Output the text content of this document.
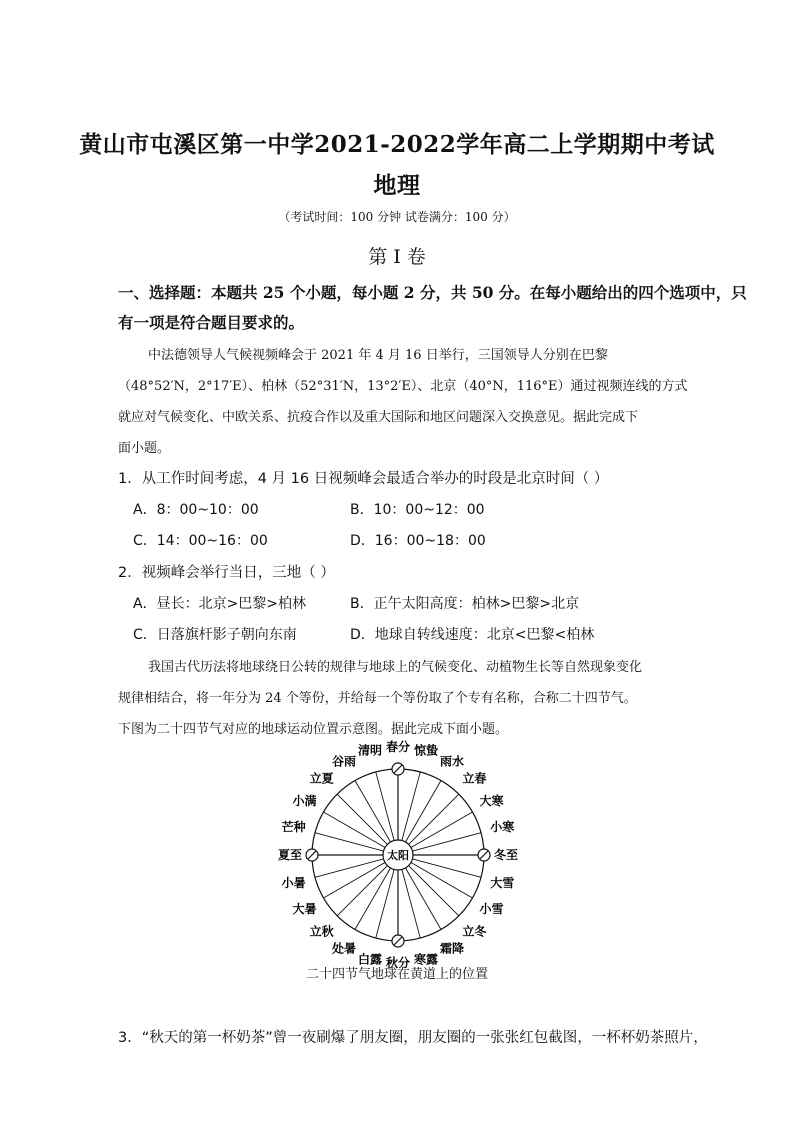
黄山市屯溪区第一中学2021-2022学年高二上学期期中考试
地理
（考试时间：100 分钟 试卷满分：100 分）
第 I 卷
一、选择题：本题共 25 个小题，每小题 2 分，共 50 分。在每小题给出的四个选项中，只
有一项是符合题目要求的。
中法德领导人气候视频峰会于 2021 年 4 月 16 日举行，三国领导人分别在巴黎
（48°52′N，2°17′E）、柏林（52°31′N，13°2′E）、北京（40°N，116°E）通过视频连线的方式
就应对气候变化、中欧关系、抗疫合作以及重大国际和地区问题深入交换意见。据此完成下
面小题。
1．从工作时间考虑，4 月 16 日视频峰会最适合举办的时段是北京时间（ ）
A．8：00~10：00	B．10：00~12：00
C．14：00~16：00	D．16：00~18：00
2．视频峰会举行当日，三地（ ）
A．昼长：北京>巴黎>柏林	B．正午太阳高度：柏林>巴黎>北京
C．日落旗杆影子朝向东南	D．地球自转线速度：北京<巴黎<柏林
我国古代历法将地球绕日公转的规律与地球上的气候变化、动植物生长等自然现象变化
规律相结合，将一年分为 24 个等份，并给每一个等份取了个专有名称，合称二十四节气。
下图为二十四节气对应的地球运动位置示意图。据此完成下面小题。
太阳
春分 惊蛰
雨水
立春
大寒
小寒
冬至
大雪
小雪
立冬
霜降
寒露
秋分
白露
处暑
立秋
大暑
小暑
夏至
芒种
小满
立夏
谷雨
清明
二十四节气地球在黄道上的位置
3．“秋天的第一杯奶茶”曾一夜刷爆了朋友圈，朋友圈的一张张红包截图，一杯杯奶茶照片，
